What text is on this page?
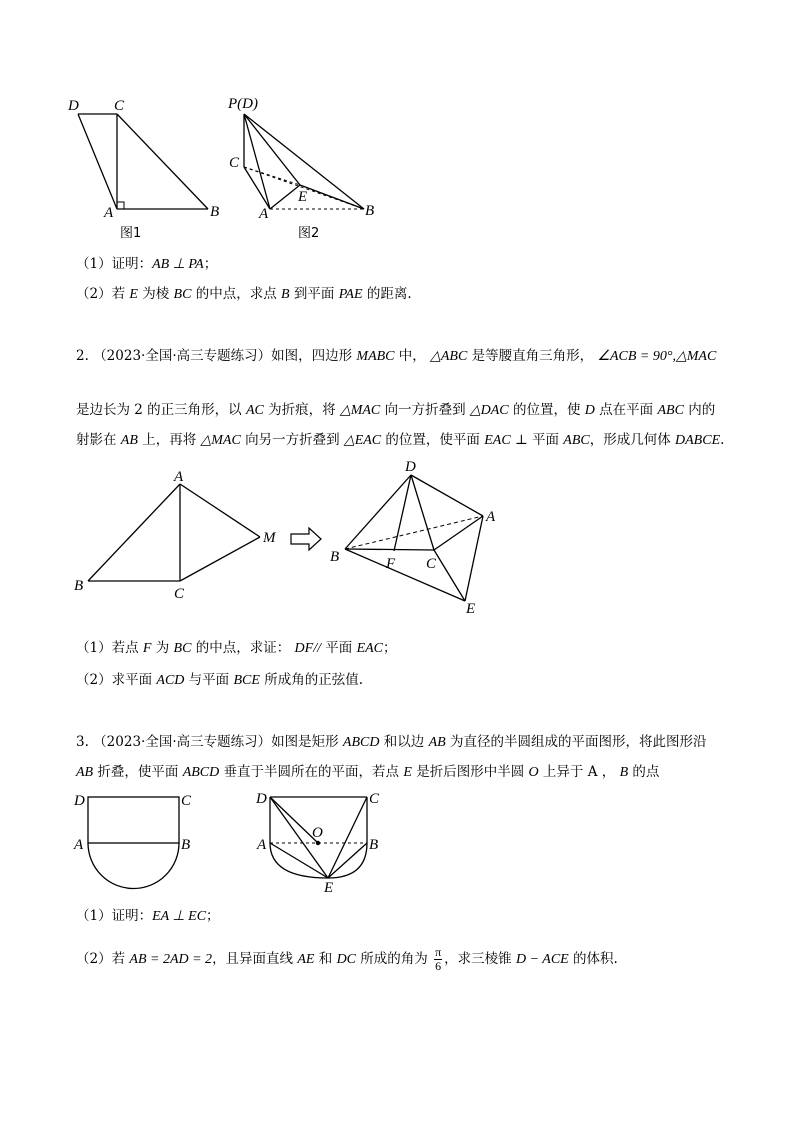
D C
A	B
图1
P(D)
C
E
A	B
图2
（1）证明：AB ⊥ PA；
（2）若 E 为棱 BC 的中点，求点 B 到平面 PAE 的距离.
2. （2023·全国·高三专题练习）如图，四边形 MABC 中， △ABC 是等腰直角三角形， ∠ACB = 90°,△MAC
是边长为 2 的正三角形，以 AC 为折痕，将 △MAC 向一方折叠到 △DAC 的位置，使 D 点在平面 ABC 内的
射影在 AB 上，再将 △MAC 向另一方折叠到 △EAC 的位置，使平面 EAC ⊥ 平面 ABC，形成几何体 DABCE.
A
M
B	C
D
A
B	F C
E
（1）若点 F 为 BC 的中点，求证： DF// 平面 EAC；
（2）求平面 ACD 与平面 BCE 所成角的正弦值.
3. （2023·全国·高三专题练习）如图是矩形 ABCD 和以边 AB 为直径的半圆组成的平面图形，将此图形沿
AB 折叠，使平面 ABCD 垂直于半圆所在的平面，若点 E 是折后图形中半圆 O 上异于 A ， B 的点
D	C
A	B
D	C
O
A	B
E
（1）证明：EA ⊥ EC；
（2）若 AB = 2AD = 2，且异面直线 AE 和 DC 所成的角为 $\frac{\pi}{6}$ ，求三棱锥 D − ACE 的体积.
